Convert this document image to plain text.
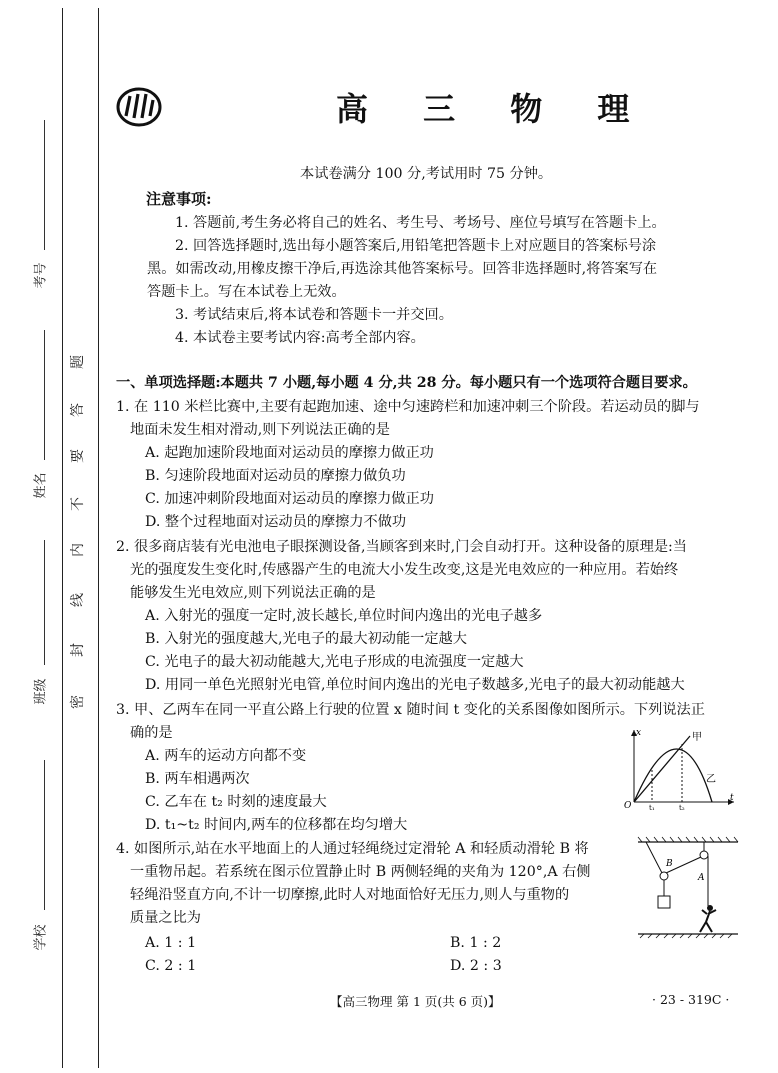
考号
姓名
班级
学校
密
封
线
内
不
要
答
题
高 三 物 理
本试卷满分 100 分,考试用时 75 分钟。
注意事项:
1. 答题前,考生务必将自己的姓名、考生号、考场号、座位号填写在答题卡上。
2. 回答选择题时,选出每小题答案后,用铅笔把答题卡上对应题目的答案标号涂
黑。如需改动,用橡皮擦干净后,再选涂其他答案标号。回答非选择题时,将答案写在
答题卡上。写在本试卷上无效。
3. 考试结束后,将本试卷和答题卡一并交回。
4. 本试卷主要考试内容:高考全部内容。
一、单项选择题:本题共 7 小题,每小题 4 分,共 28 分。每小题只有一个选项符合题目要求。
1. 在 110 米栏比赛中,主要有起跑加速、途中匀速跨栏和加速冲刺三个阶段。若运动员的脚与
地面未发生相对滑动,则下列说法正确的是
A. 起跑加速阶段地面对运动员的摩擦力做正功
B. 匀速阶段地面对运动员的摩擦力做负功
C. 加速冲刺阶段地面对运动员的摩擦力做正功
D. 整个过程地面对运动员的摩擦力不做功
2. 很多商店装有光电池电子眼探测设备,当顾客到来时,门会自动打开。这种设备的原理是:当
光的强度发生变化时,传感器产生的电流大小发生改变,这是光电效应的一种应用。若始终
能够发生光电效应,则下列说法正确的是
A. 入射光的强度一定时,波长越长,单位时间内逸出的光电子越多
B. 入射光的强度越大,光电子的最大初动能一定越大
C. 光电子的最大初动能越大,光电子形成的电流强度一定越大
D. 用同一单色光照射光电管,单位时间内逸出的光电子数越多,光电子的最大初动能越大
3. 甲、乙两车在同一平直公路上行驶的位置 x 随时间 t 变化的关系图像如图所示。下列说法正
确的是
A. 两车的运动方向都不变
B. 两车相遇两次
C. 乙车在 t₂ 时刻的速度最大
D. t₁~t₂ 时间内,两车的位移都在均匀增大
x
t
O	t₁	t₂
甲
乙
4. 如图所示,站在水平地面上的人通过轻绳绕过定滑轮 A 和轻质动滑轮 B 将
一重物吊起。若系统在图示位置静止时 B 两侧轻绳的夹角为 120°,A 右侧
轻绳沿竖直方向,不计一切摩擦,此时人对地面恰好无压力,则人与重物的
质量之比为
A. 1 : 1	B. 1 : 2
C. 2 : 1	D. 2 : 3
B
A
【高三物理 第 1 页(共 6 页)】	· 23 - 319C ·
